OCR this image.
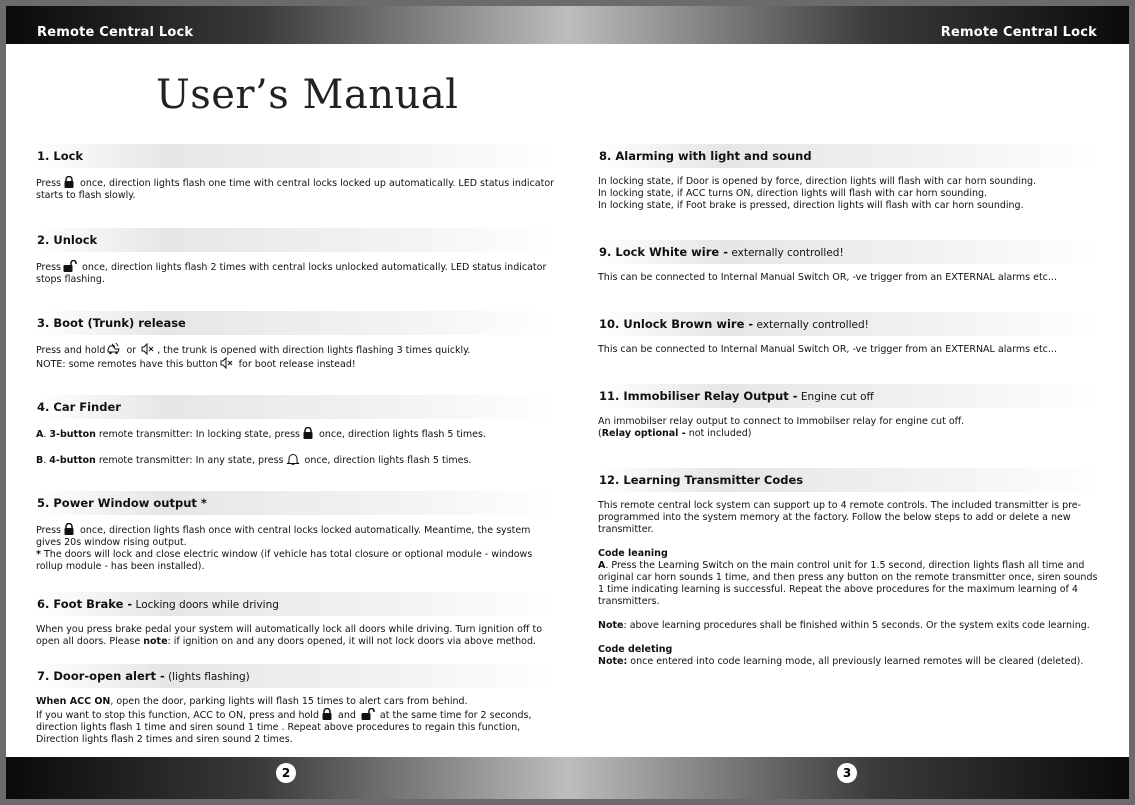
Remote Central Lock
User’s Manual
1. Lock

Press once, direction lights flash one time with central locks locked up automatically. LED status indicator starts to flash slowly.

2. Unlock

Press once, direction lights flash 2 times with central locks unlocked automatically. LED status indicator stops flashing.

3. Boot (Trunk) release

Press and hold or , the trunk is opened with direction lights flashing 3 times quickly.

NOTE: some remotes have this button for boot release instead!

4. Car Finder

A. 3-button remote transmitter: In locking state, press once, direction lights flash 5 times.

B. 4-button remote transmitter: In any state, press once, direction lights flash 5 times.

5. Power Window output *

Press once, direction lights flash once with central locks locked automatically. Meantime, the system gives 20s window rising output.

* The doors will lock and close electric window (if vehicle has total closure or optional module - windows rollup module - has been installed).

6. Foot Brake - Locking doors while driving

When you press brake pedal your system will automatically lock all doors while driving. Turn ignition off to open all doors. Please note: if ignition on and any doors opened, it will not lock doors via above method.

7. Door-open alert - (lights flashing)

When ACC ON, open the door, parking lights will flash 15 times to alert cars from behind.

If you want to stop this function, ACC to ON, press and hold and  at the same time for 2 seconds, direction lights flash 1 time and siren sound 1 time . Repeat above procedures to regain this function, Direction lights flash 2 times and siren sound 2 times.

2
Remote Central Lock
8. Alarming with light and sound

In locking state, if Door is opened by force, direction lights will flash with car horn sounding.

In locking state, if ACC turns ON, direction lights will flash with car horn sounding.

In locking state, if Foot brake is pressed, direction lights will flash with car horn sounding.

9. Lock White wire - externally controlled!

This can be connected to Internal Manual Switch OR, -ve trigger from an EXTERNAL alarms etc...

10. Unlock Brown wire - externally controlled!

This can be connected to Internal Manual Switch OR, -ve trigger from an EXTERNAL alarms etc...

11. Immobiliser Relay Output - Engine cut off

An immobilser relay output to connect to Immobilser relay for engine cut off.

(Relay optional - not included)

12. Learning Transmitter Codes

This remote central lock system can support up to 4 remote controls. The included transmitter is pre-programmed into the system memory at the factory. Follow the below steps to add or delete a new transmitter.

Code leaning

A. Press the Learning Switch on the main control unit for 1.5 second, direction lights flash all time and original car horn sounds 1 time, and then press any button on the remote transmitter once, siren sounds 1 time indicating learning is successful. Repeat the above procedures for the maximum learning of 4 transmitters.

Note: above learning procedures shall be finished within 5 seconds. Or the system exits code learning.

Code deleting

Note: once entered into code learning mode, all previously learned remotes will be cleared (deleted).

3
